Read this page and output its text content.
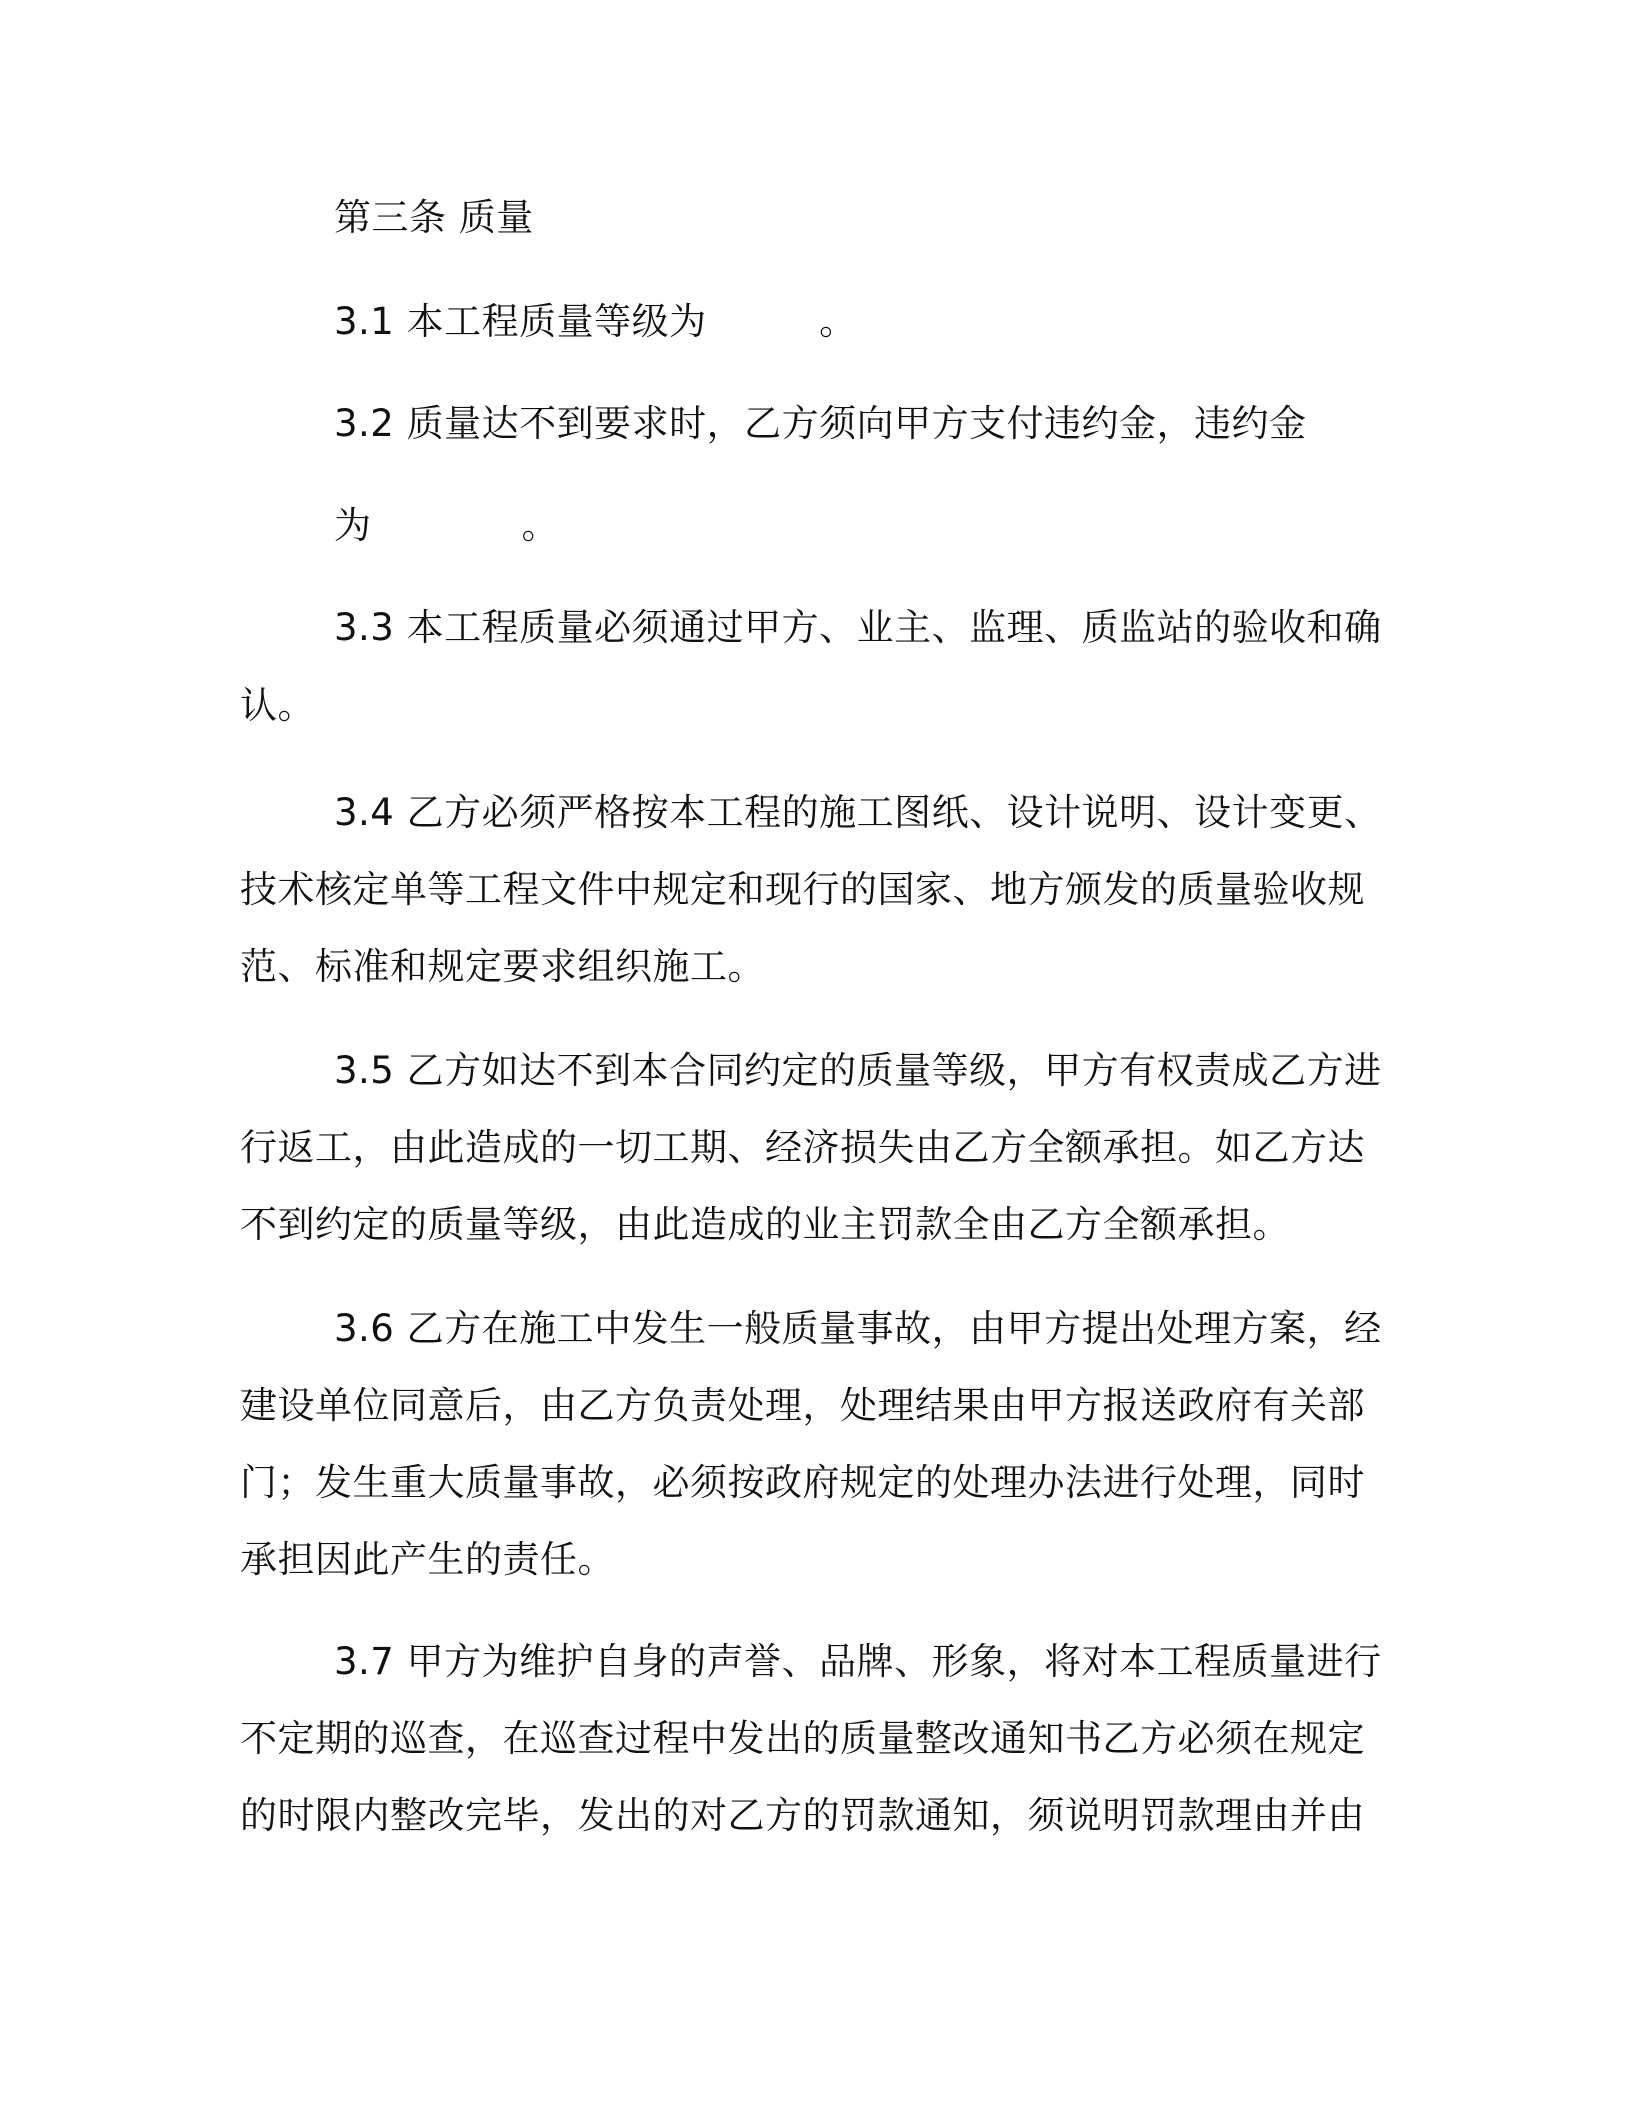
第三条 质量
3.1 本工程质量等级为　　　。
3.2 质量达不到要求时，乙方须向甲方支付违约金，违约金
为　　　　。
3.3 本工程质量必须通过甲方、业主、监理、质监站的验收和确
认。
3.4 乙方必须严格按本工程的施工图纸、设计说明、设计变更、
技术核定单等工程文件中规定和现行的国家、地方颁发的质量验收规
范、标准和规定要求组织施工。
3.5 乙方如达不到本合同约定的质量等级，甲方有权责成乙方进
行返工，由此造成的一切工期、经济损失由乙方全额承担。如乙方达
不到约定的质量等级，由此造成的业主罚款全由乙方全额承担。
3.6 乙方在施工中发生一般质量事故，由甲方提出处理方案，经
建设单位同意后，由乙方负责处理，处理结果由甲方报送政府有关部
门；发生重大质量事故，必须按政府规定的处理办法进行处理，同时
承担因此产生的责任。
3.7 甲方为维护自身的声誉、品牌、形象，将对本工程质量进行
不定期的巡查，在巡查过程中发出的质量整改通知书乙方必须在规定
的时限内整改完毕，发出的对乙方的罚款通知，须说明罚款理由并由
